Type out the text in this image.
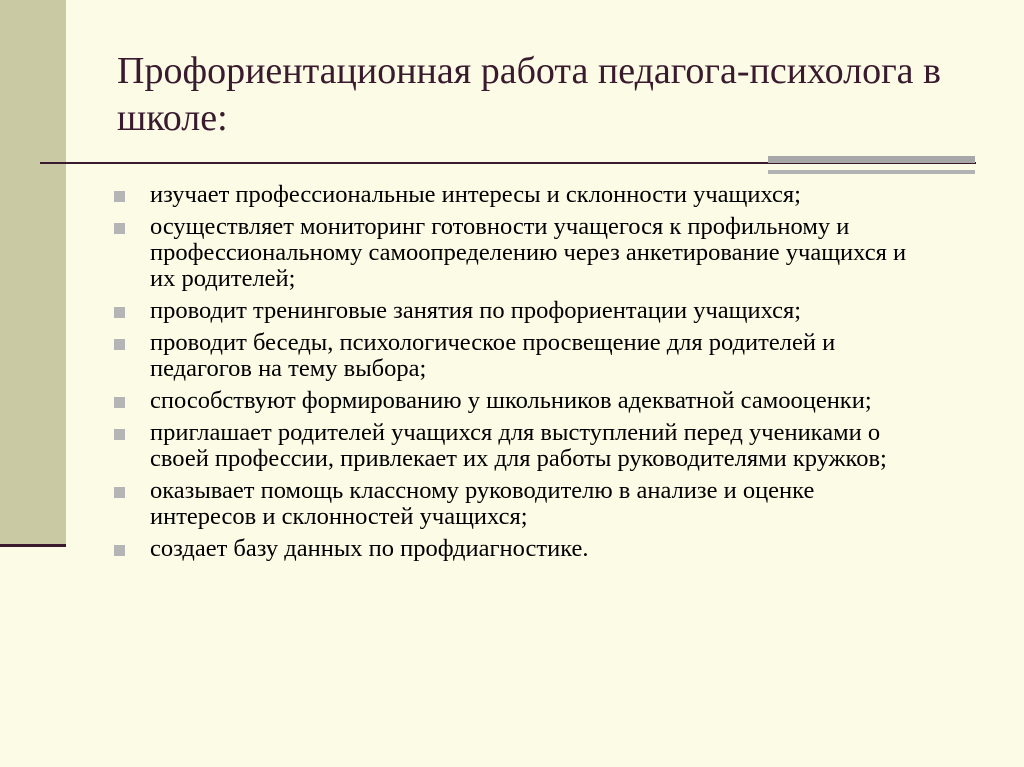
Профориентационная работа педагога-психолога в школе:
изучает профессиональные интересы и склонности учащихся;
осуществляет мониторинг готовности учащегося к профильному и профессиональному самоопределению через анкетирование учащихся и их родителей;
проводит тренинговые занятия по профориентации учащихся;
проводит беседы, психологическое просвещение для родителей и педагогов на тему выбора;
способствуют формированию у школьников адекватной самооценки;
приглашает родителей учащихся для выступлений перед учениками о своей профессии, привлекает их для работы руководителями кружков;
оказывает помощь классному руководителю в анализе и оценке интересов и склонностей учащихся;
создает базу данных по профдиагностике.
